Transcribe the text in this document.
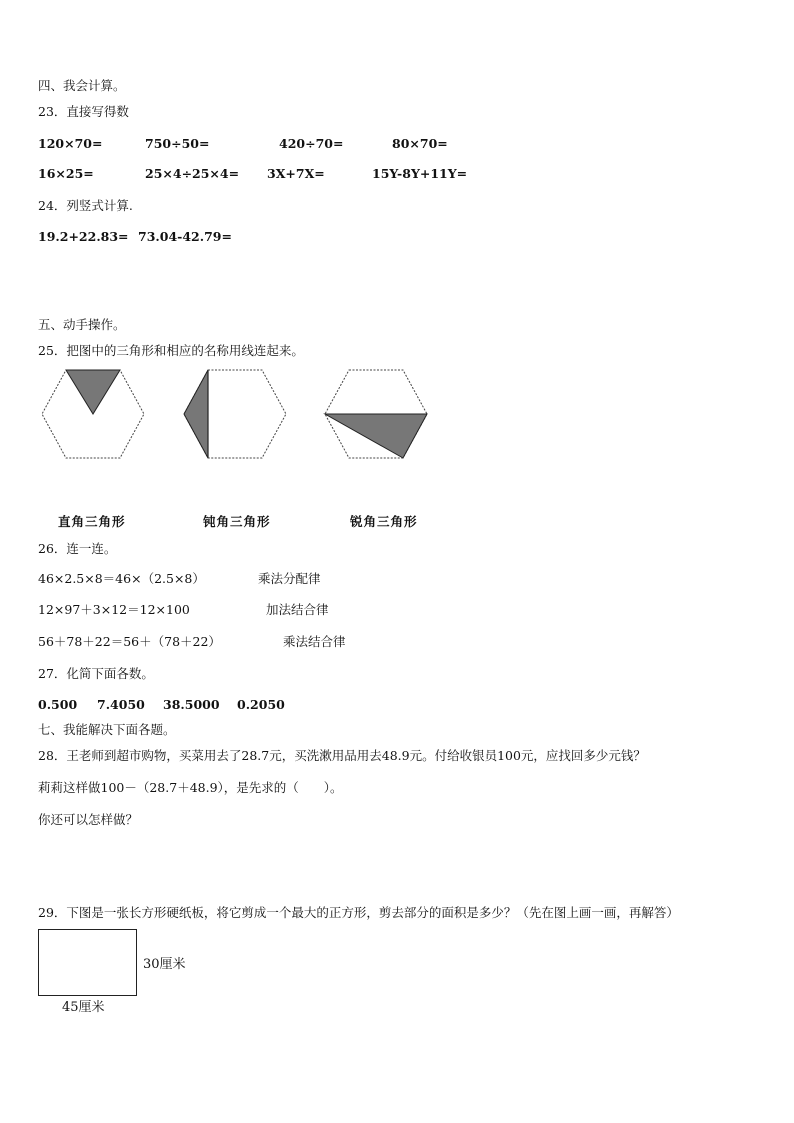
四、我会计算。
23．直接写得数
120×70=	750÷50=	420÷70=	80×70=
16×25=	25×4÷25×4= 3X+7X=	15Y-8Y+11Y=
24．列竖式计算.
19.2+22.83= 73.04-42.79=
五、动手操作。
25．把图中的三角形和相应的名称用线连起来。
直角三角形	钝角三角形	锐角三角形
26．连一连。
46×2.5×8＝46×（2.5×8）	乘法分配律
12×97＋3×12＝12×100	加法结合律
56＋78＋22＝56＋（78＋22）	乘法结合律
27．化简下面各数。
0.500 7.4050 38.5000 0.2050
七、我能解决下面各题。
28．王老师到超市购物，买菜用去了28.7元，买洗漱用品用去48.9元。付给收银员100元，应找回多少元钱？
莉莉这样做100－（28.7＋48.9），是先求的（　　）。
你还可以怎样做？
29．下图是一张长方形硬纸板，将它剪成一个最大的正方形，剪去部分的面积是多少？（先在图上画一画，再解答）
30厘米
45厘米
